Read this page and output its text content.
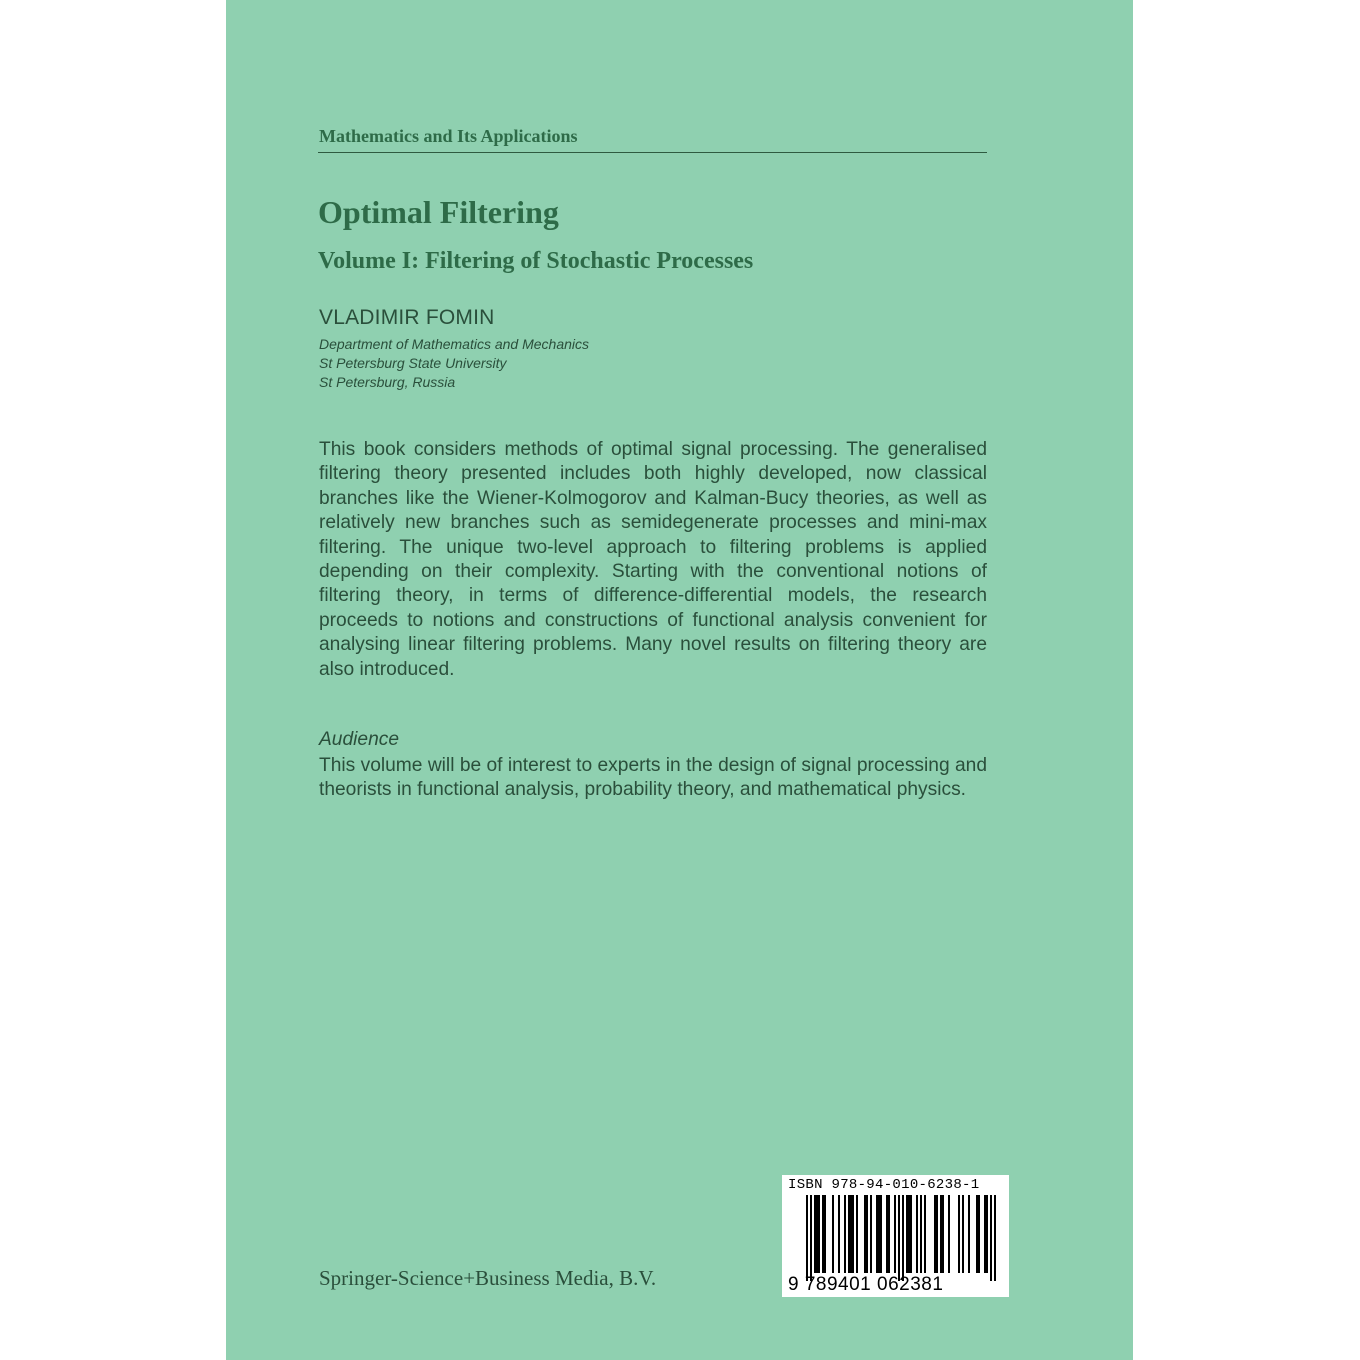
Mathematics and Its Applications
Optimal Filtering
Volume I: Filtering of Stochastic Processes
VLADIMIR FOMIN
Department of Mathematics and Mechanics
St Petersburg State University
St Petersburg, Russia
This book considers methods of optimal signal processing. The generalised filtering theory presented includes both highly developed, now classical branches like the Wiener-Kolmogorov and Kalman-Bucy theories, as well as relatively new branches such as semidegenerate processes and mini-max filtering. The unique two-level approach to filtering problems is applied depending on their complexity. Starting with the conventional notions of filtering theory, in terms of difference-differential models, the research proceeds to notions and constructions of functional analysis convenient for analysing linear filtering problems. Many novel results on filtering theory are also introduced.
Audience
This volume will be of interest to experts in the design of signal processing and theorists in functional analysis, probability theory, and mathematical physics.
Springer-Science+Business Media, B.V.
ISBN 978-94-010-6238-1
9 789401 062381
